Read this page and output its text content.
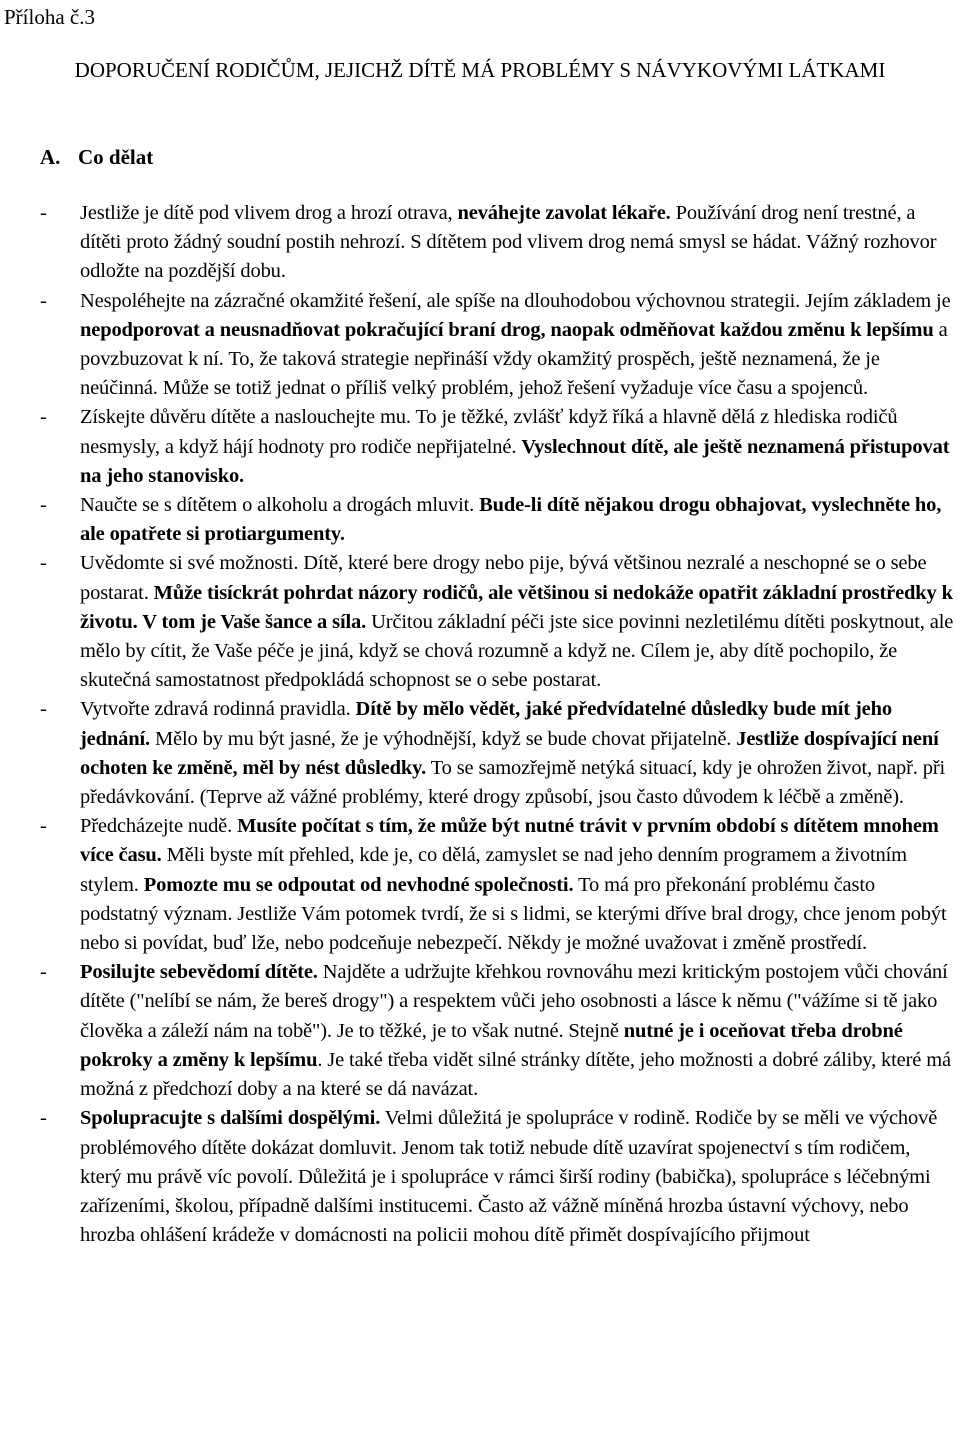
Příloha č.3
DOPORUČENÍ RODIČŮM, JEJICHŽ DÍTĚ MÁ PROBLÉMY S NÁVYKOVÝMI LÁTKAMI
A. Co dělat
- Jestliže je dítě pod vlivem drog a hrozí otrava, neváhejte zavolat lékaře. Používání drog není trestné, a dítěti proto žádný soudní postih nehrozí. S dítětem pod vlivem drog nemá smysl se hádat. Vážný rozhovor odložte na pozdější dobu.
- Nespoléhejte na zázračné okamžité řešení, ale spíše na dlouhodobou výchovnou strategii. Jejím základem je nepodporovat a neusnadňovat pokračující braní drog, naopak odměňovat každou změnu k lepšímu a povzbuzovat k ní. To, že taková strategie nepřináší vždy okamžitý prospěch, ještě neznamená, že je neúčinná. Může se totiž jednat o příliš velký problém, jehož řešení vyžaduje více času a spojenců.
- Získejte důvěru dítěte a naslouchejte mu. To je těžké, zvlášť když říká a hlavně dělá z hlediska rodičů nesmysly, a když hájí hodnoty pro rodiče nepřijatelné. Vyslechnout dítě, ale ještě neznamená přistupovat na jeho stanovisko.
- Naučte se s dítětem o alkoholu a drogách mluvit. Bude-li dítě nějakou drogu obhajovat, vyslechněte ho, ale opatřete si protiargumenty.
- Uvědomte si své možnosti. Dítě, které bere drogy nebo pije, bývá většinou nezralé a neschopné se o sebe postarat. Může tisíckrát pohrdat názory rodičů, ale většinou si nedokáže opatřit základní prostředky k životu. V tom je Vaše šance a síla. Určitou základní péči jste sice povinni nezletilému dítěti poskytnout, ale mělo by cítit, že Vaše péče je jiná, když se chová rozumně a když ne. Cílem je, aby dítě pochopilo, že skutečná samostatnost předpokládá schopnost se o sebe postarat.
- Vytvořte zdravá rodinná pravidla. Dítě by mělo vědět, jaké předvídatelné důsledky bude mít jeho jednání. Mělo by mu být jasné, že je výhodnější, když se bude chovat přijatelně. Jestliže dospívající není ochoten ke změně, měl by nést důsledky. To se samozřejmě netýká situací, kdy je ohrožen život, např. při předávkování. (Teprve až vážné problémy, které drogy způsobí, jsou často důvodem k léčbě a změně).
- Předcházejte nudě. Musíte počítat s tím, že může být nutné trávit v prvním období s dítětem mnohem více času. Měli byste mít přehled, kde je, co dělá, zamyslet se nad jeho denním programem a životním stylem. Pomozte mu se odpoutat od nevhodné společnosti. To má pro překonání problému často podstatný význam. Jestliže Vám potomek tvrdí, že si s lidmi, se kterými dříve bral drogy, chce jenom pobýt nebo si povídat, buď lže, nebo podceňuje nebezpečí. Někdy je možné uvažovat i změně prostředí.
- Posilujte sebevědomí dítěte. Najděte a udržujte křehkou rovnováhu mezi kritickým postojem vůči chování dítěte ("nelíbí se nám, že bereš drogy") a respektem vůči jeho osobnosti a lásce k němu ("vážíme si tě jako člověka a záleží nám na tobě"). Je to těžké, je to však nutné. Stejně nutné je i oceňovat třeba drobné pokroky a změny k lepšímu. Je také třeba vidět silné stránky dítěte, jeho možnosti a dobré záliby, které má možná z předchozí doby a na které se dá navázat.
- Spolupracujte s dalšími dospělými. Velmi důležitá je spolupráce v rodině. Rodiče by se měli ve výchově problémového dítěte dokázat domluvit. Jenom tak totiž nebude dítě uzavírat spojenectví s tím rodičem, který mu právě víc povolí. Důležitá je i spolupráce v rámci širší rodiny (babička), spolupráce s léčebnými zařízeními, školou, případně dalšími institucemi. Často až vážně míněná hrozba ústavní výchovy, nebo hrozba ohlášení krádeže v domácnosti na policii mohou dítě přimět dospívajícího přijmout
